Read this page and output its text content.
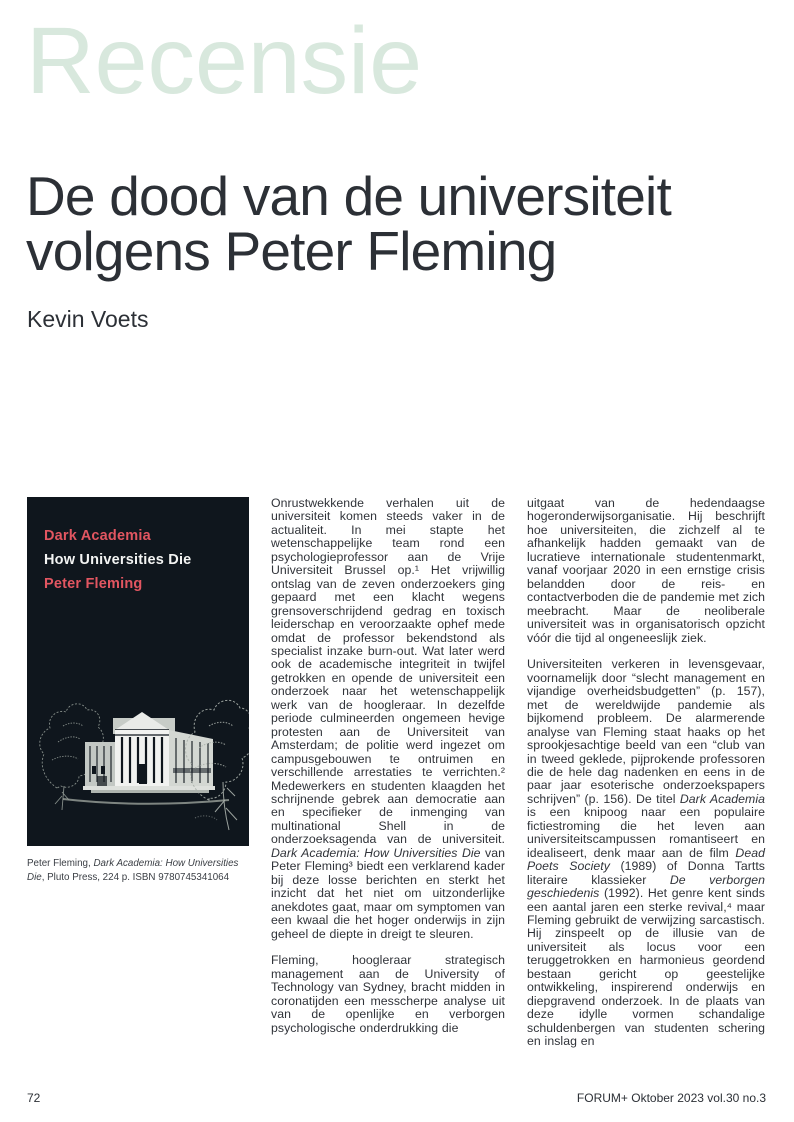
Recensie
De dood van de universiteit
volgens Peter Fleming
Kevin Voets
Dark Academia
How Universities Die
Peter Fleming
Peter Fleming, Dark Academia: How Universities Die, Pluto Press, 224 p. ISBN 9780745341064

Onrustwekkende verhalen uit de universiteit komen steeds vaker in de actualiteit. In mei stapte het wetenschappelijke team rond een psychologieprofessor aan de Vrije Universiteit Brussel op.¹ Het vrijwillig ontslag van de zeven onderzoekers ging gepaard met een klacht wegens grensoverschrijdend gedrag en toxisch leiderschap en veroorzaakte ophef mede omdat de professor bekendstond als specialist inzake burn-out. Wat later werd ook de academische integriteit in twijfel getrokken en opende de universiteit een onderzoek naar het wetenschappelijk werk van de hoogleraar. In dezelfde periode culmineerden ongemeen hevige protesten aan de Universiteit van Amsterdam; de politie werd ingezet om campusgebouwen te ontruimen en verschillende arrestaties te verrichten.² Medewerkers en studenten klaagden het schrijnende gebrek aan democratie aan en specifieker de inmenging van multinational Shell in de onderzoeksagenda van de universiteit. Dark Academia: How Universities Die van Peter Fleming³ biedt een verklarend kader bij deze losse berichten en sterkt het inzicht dat het niet om uitzonderlijke anekdotes gaat, maar om symptomen van een kwaal die het hoger onderwijs in zijn geheel de diepte in dreigt te sleuren.

Fleming, hoogleraar strategisch management aan de University of Technology van Sydney, bracht midden in coronatijden een messcherpe analyse uit van de openlijke en verborgen psychologische onderdrukking die

uitgaat van de hedendaagse hogeronderwijsorganisatie. Hij beschrijft hoe universiteiten, die zichzelf al te afhankelijk hadden gemaakt van de lucratieve internationale studentenmarkt, vanaf voorjaar 2020 in een ernstige crisis belandden door de reis- en contactverboden die de pandemie met zich meebracht. Maar de neoliberale universiteit was in organisatorisch opzicht vóór die tijd al ongeneeslijk ziek.

Universiteiten verkeren in levensgevaar, voornamelijk door “slecht management en vijandige overheidsbudgetten” (p. 157), met de wereldwijde pandemie als bijkomend probleem. De alarmerende analyse van Fleming staat haaks op het sprookjesachtige beeld van een “club van in tweed geklede, pijprokende professoren die de hele dag nadenken en eens in de paar jaar esoterische onderzoekspapers schrijven” (p. 156). De titel Dark Academia is een knipoog naar een populaire fictiestroming die het leven aan universiteitscampussen romantiseert en idealiseert, denk maar aan de film Dead Poets Society (1989) of Donna Tartts literaire klassieker De verborgen geschiedenis (1992). Het genre kent sinds een aantal jaren een sterke revival,⁴ maar Fleming gebruikt de verwijzing sarcastisch. Hij zinspeelt op de illusie van de universiteit als locus voor een teruggetrokken en harmonieus geordend bestaan gericht op geestelijke ontwikkeling, inspirerend onderwijs en diepgravend onderzoek. In de plaats van deze idylle vormen schandalige schuldenbergen van studenten schering en inslag en

72	FORUM+ Oktober 2023 vol.30 no.3
